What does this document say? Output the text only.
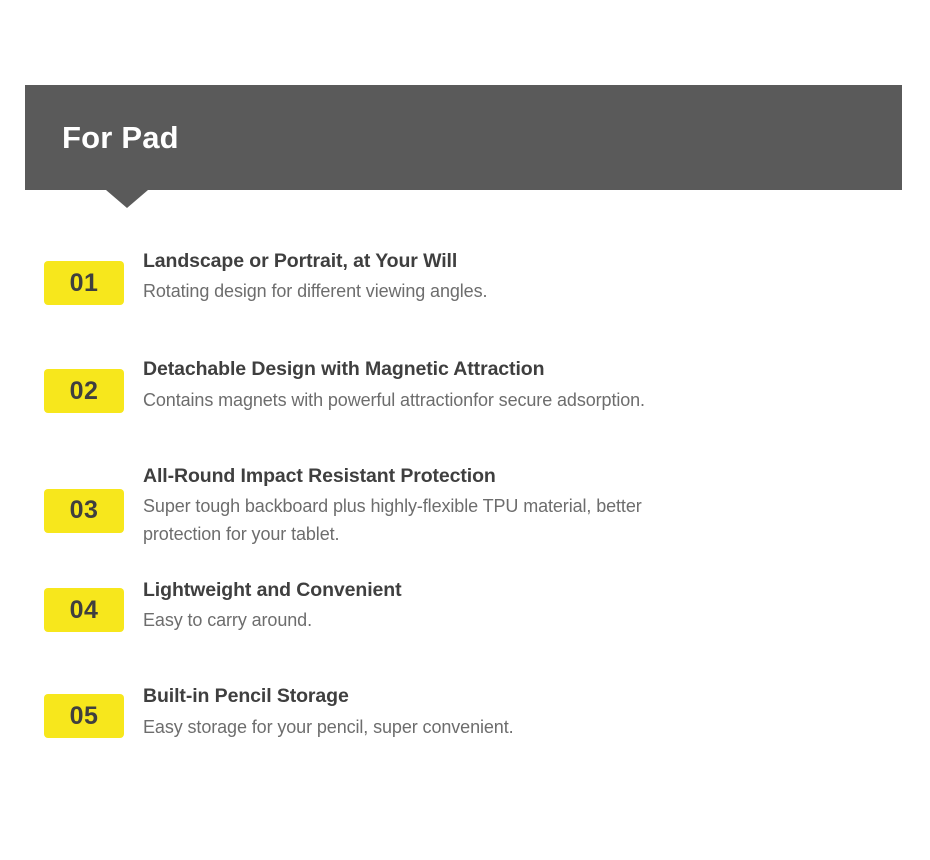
For Pad
01
Landscape or Portrait, at Your Will
Rotating design for different viewing angles.
02
Detachable Design with Magnetic Attraction
Contains magnets with powerful attractionfor secure adsorption.
03
All-Round Impact Resistant Protection
Super tough backboard plus highly-flexible TPU material, better protection for your tablet.
04
Lightweight and Convenient
Easy to carry around.
05
Built-in Pencil Storage
Easy storage for your pencil, super convenient.
